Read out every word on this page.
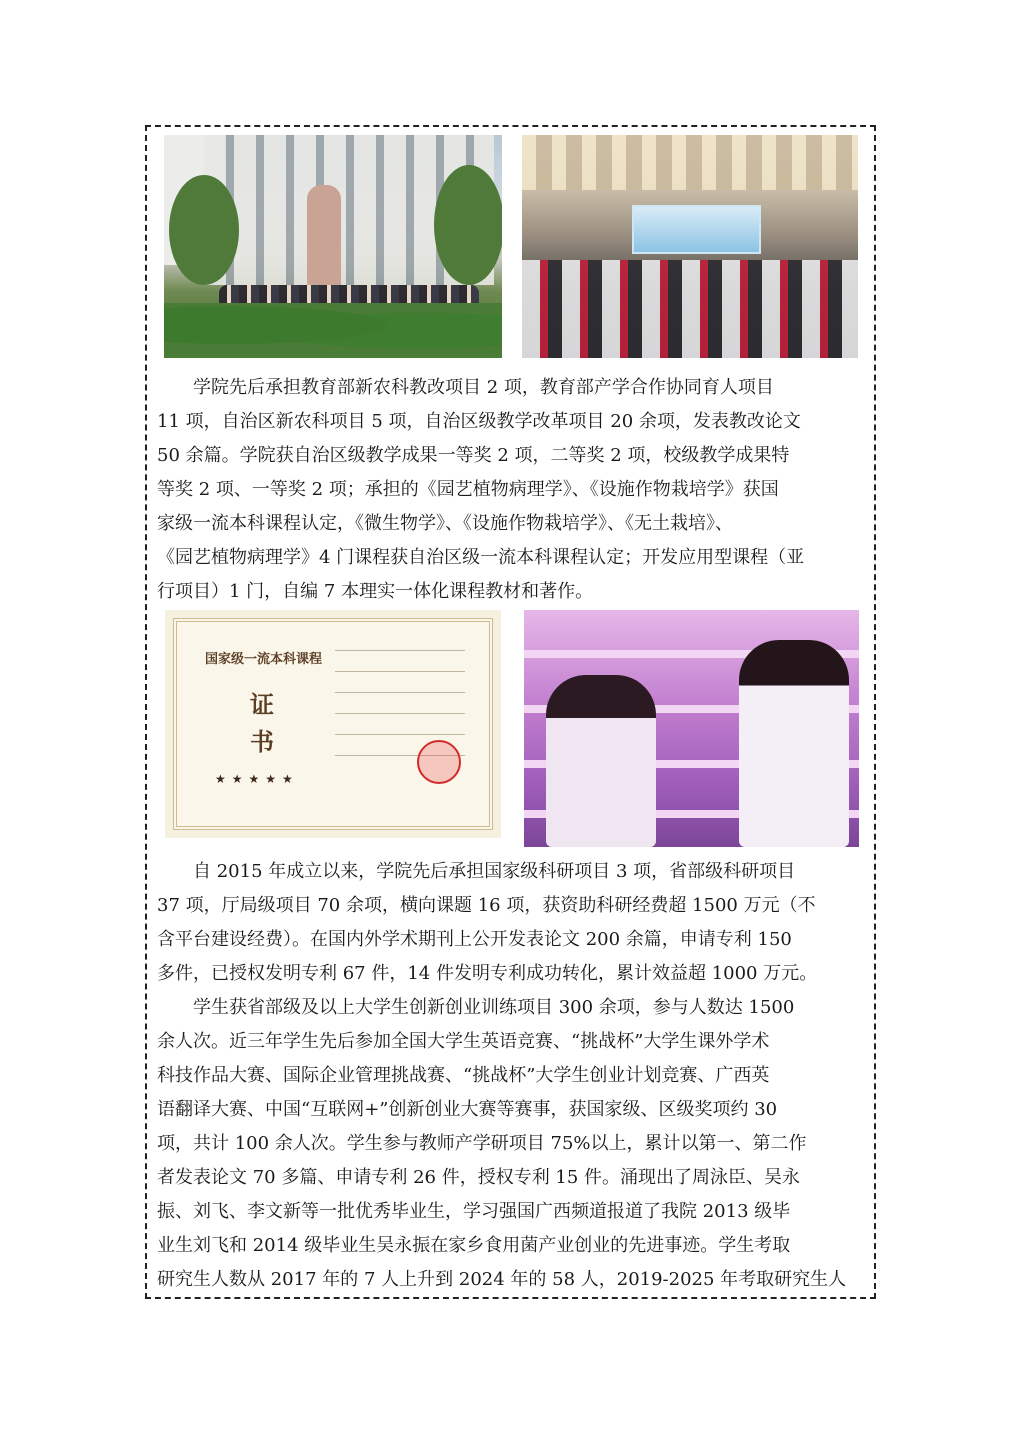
学院先后承担教育部新农科教改项目 2 项，教育部产学合作协同育人项目
11 项，自治区新农科项目 5 项，自治区级教学改革项目 20 余项，发表教改论文
50 余篇。学院获自治区级教学成果一等奖 2 项，二等奖 2 项，校级教学成果特
等奖 2 项、一等奖 2 项；承担的《园艺植物病理学》、《设施作物栽培学》获国
家级一流本科课程认定，《微生物学》、《设施作物栽培学》、《无土栽培》、
《园艺植物病理学》4 门课程获自治区级一流本科课程认定；开发应用型课程（亚
行项目）1 门，自编 7 本理实一体化课程教材和著作。

国家级一流本科课程
证
书
★★★★★

自 2015 年成立以来，学院先后承担国家级科研项目 3 项，省部级科研项目
37 项，厅局级项目 70 余项，横向课题 16 项，获资助科研经费超 1500 万元（不
含平台建设经费）。在国内外学术期刊上公开发表论文 200 余篇，申请专利 150
多件，已授权发明专利 67 件，14 件发明专利成功转化，累计效益超 1000 万元。

学生获省部级及以上大学生创新创业训练项目 300 余项，参与人数达 1500
余人次。近三年学生先后参加全国大学生英语竞赛、“挑战杯”大学生课外学术
科技作品大赛、国际企业管理挑战赛、“挑战杯”大学生创业计划竞赛、广西英
语翻译大赛、中国“互联网+”创新创业大赛等赛事，获国家级、区级奖项约 30
项，共计 100 余人次。学生参与教师产学研项目 75%以上，累计以第一、第二作
者发表论文 70 多篇、申请专利 26 件，授权专利 15 件。涌现出了周泳臣、吴永
振、刘飞、李文新等一批优秀毕业生，学习强国广西频道报道了我院 2013 级毕
业生刘飞和 2014 级毕业生吴永振在家乡食用菌产业创业的先进事迹。学生考取
研究生人数从 2017 年的 7 人上升到 2024 年的 58 人，2019-2025 年考取研究生人
